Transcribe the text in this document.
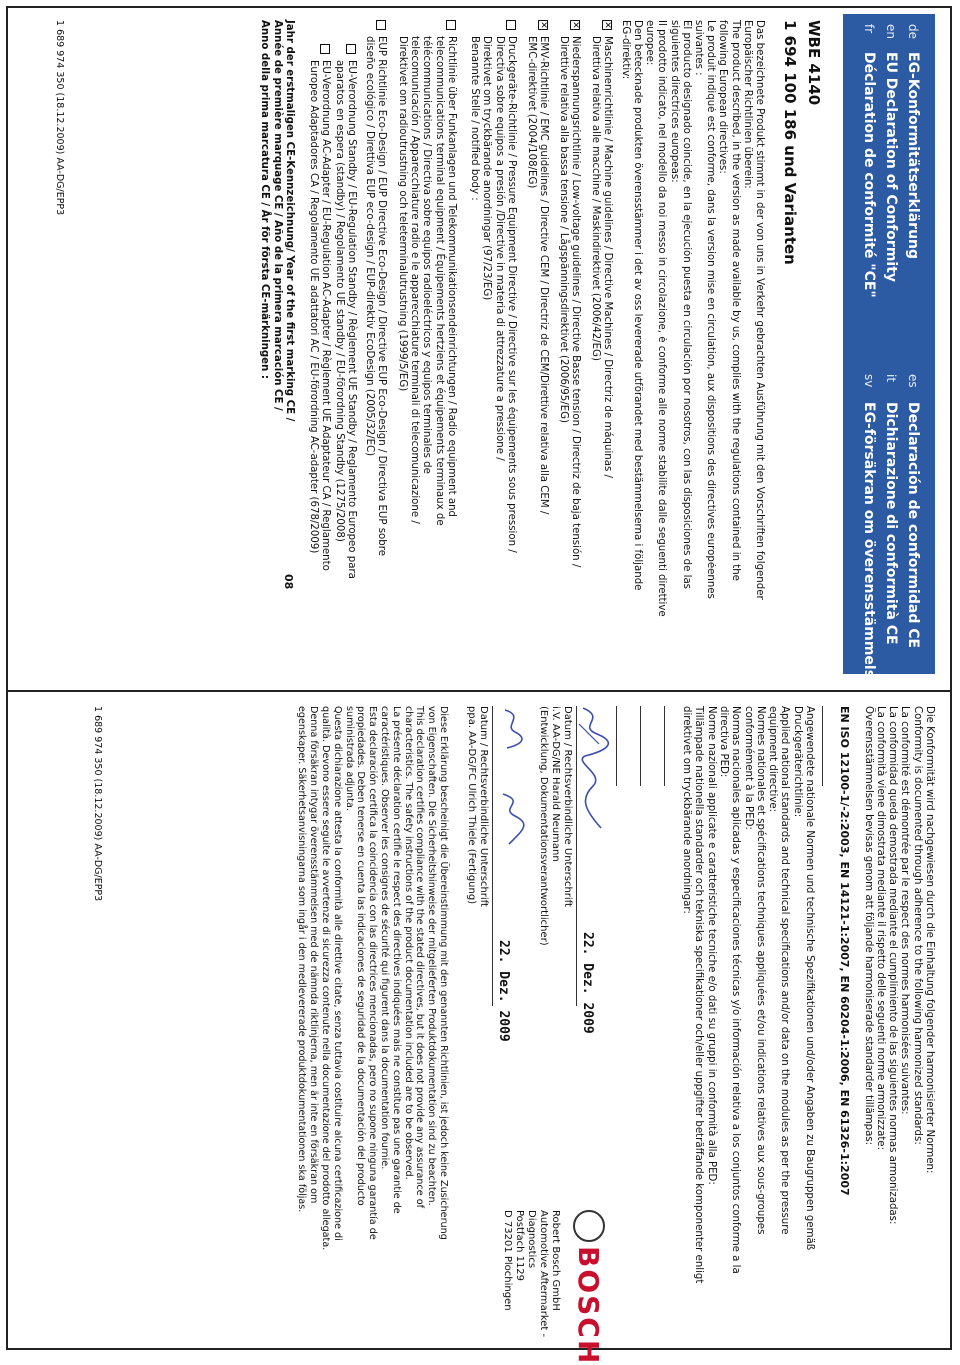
de
EG-Konformitätserklärung
en
EU Declaration of Conformity
fr
Déclaration de conformité "CE"
es
Declaración de conformidad CE
it
Dichiarazione di conformità CE
sv
EG-försäkran om överensstämmelse
WBE 4140
1 694 100 186 und Varianten
Das bezeichnete Produkt stimmt in der von uns in Verkehr gebrachten Ausführung mit den Vorschriften folgender
Europäischer Richtlinien überein:
The product described, in the version as made available by us, complies with the regulations contained in the
following European directives:
Le produit indiqué est conforme, dans la version mise en circulation, aux dispositions des directives européennes
suivantes :
El producto designado coincide, en la ejecución puesta en circulación por nosotros, con las disposiciones de las
siguientes directrices europeas:
Il prodotto indicato, nel modello da noi messo in circolazione, è conforme alle norme stabilite dalle seguenti direttive
europee:
Den betecknade produkten överensstämmer i det av oss levererade utförandet med bestämmelserna i följande
EG-direktiv:
✕
Maschinenrichtlinie / Machine guidelines / Directive Machines / Directriz de máquinas /
Direttiva relativa alle macchine / Maskindirektivet (2006/42/EG)
✕
Niederspannungsrichtlinie / Low-voltage guidelines / Directive Basse tension / Directriz de baja tensión /
Direttive relativa alla bassa tensione / Lågspänningsdirektivet (2006/95/EG)
✕
EMV-Richtlinie / EMC guidelines / Directive CEM / Directriz de CEM/Direttive relativa alla CEM /
EMC-direktivet (2004/108/EG)
Druckgeräte-Richtlinie / Pressure Equipment Directive / Directive sur les équipements sous pression /
Directiva sobre equipos a presión /Directive in materia di attrezzature a pressione /
Direktivet om tryckbärande anordningar (97/23/EG)
Benannte Stelle / notified body :
Richtlinie über Funkanlagen und Telekommunikationsendeinrichtungen / Radio equipment and
telecommunications terminal equipment / Équipements hertziens et équipements terminaux de
télécommunications / Directiva sobre equipos radioeléctricos y equipos terminales de
telecomunicación / Apparecchiature radio e le apparecchiature terminali di telecomunicazione /
Direktivet om radioutrustning och teleterminalutrustning (1999/5/EG)
EUP Richtlinie Eco-Design / EUP Directive Eco-Design / Directive EUP Eco-Design / Directiva EUP sobre
diseño ecológico / Direttiva EUP eco-design / EUP-direktiv EcoDesign (2005/32/EC)
EU-Verordnung Standby / EU-Regulation Standby / Règlement UE Standby / Reglamento Europeo para
aparatos en espera (standby) / Regolamento UE standby / EU-förordning Standby (1275/2008)
EU-Verordnung AC-Adapter / EU-Regulation AC-Adapter / Règlement UE Adaptateur CA / Reglamento
Europeo Adaptadores CA / Regolamento UE adattatori AC / EU-förordning AC-adapter (678/2009)
Jahr der erstmaligen CE-Kennzeichnung/ Year of the first marking CE /
Année de première marquage CE / Año de la primera marcación CE /
Anno della prima marcatura CE / År för första CE-märkningen :
08
1 689 974 350 (18.12.2009) AA-DG/EPP3
Die Konformität wird nachgewiesen durch die Einhaltung folgender harmonisierter Normen:
Conformity is documented through adherence to the following harmonized standards:
La conformité est démontrée par le respect des normes harmonisées suivantes:
La conformidad queda demostrada mediante el cumplimiento de las siguientes normas armonizadas:
La conformità viene dimostrata mediante il rispetto delle seguenti norme armonizzate:
Överensstämmelsen bevisas genom att följande harmoniserade standarder tillämpas:
EN ISO 12100-1/-2:2003, EN 14121-1:2007, EN 60204-1:2006, EN 61326-1:2007
Angewendete nationale Normen und technische Spezifikationen und/oder Angaben zu Baugruppen gemäß
Druckgeräterichtlinie:
Applied national standards and technical specifications and/or data on the modules as per the pressure
equipment directive:
Normes nationales et spécifications techniques appliquées et/ou indications relatives aux sous-groupes
conformément à la PED:
Normas nacionales aplicadas y especificaciones técnicas y/o información relativa a los conjuntos conforme a la
directiva PED:
Norme nazionali applicate e caratteristiche tecniche e/o dati su gruppi in conformità alla PED:
Tillämpade nationella standarder och tekniska specifikationer och/eller uppgifter beträffande komponenter enligt
direktivet om tryckbärande anordningar:
22. Dez. 2009
Datum / Rechtsverbindliche Unterschrift
i.V. AA-DG/NE Harald Neumann
(Entwicklung, Dokumentationsverantwortlicher)
22. Dez. 2009
Datum / Rechtsverbindliche Unterschrift
ppa. AA-DG/FC Ulrich Thiele (Fertigung)
BOSCH
Robert Bosch GmbH
Automotive Aftermarket -
Diagnostics
Postfach 1129
D 73201 Plochingen
Diese Erklärung bescheinigt die Übereinstimmung mit den genannten Richtlinien, ist jedoch keine Zusicherung
von Eigenschaften. Die Sicherheitshinweise der mitgelieferten Produktdokumentation sind zu beachten.
This declaration certifies compliance with the stated directives, but it does not provide any assurance of
characteristics. The safety instructions of the product documentation included are to be observed.
La présente déclaration certifie le respect des directives indiquées mais ne constitue pas une garantie de
caractéristiques. Observer les consignes de sécurité qui figurent dans la documentation fournie.
Esta declaración certifica la coincidencia con las directrices mencionadas, pero no supone ninguna garantía de
propiedades. Deben tenerse en cuenta las indicaciones de seguridad de la documentación del producto
suministrada adjunta.
Questa dichiarazione attesta la conformità alle direttive citate, senza tuttavia costituire alcuna certificazione di
qualità. Devono essere seguite le avvertenze di sicurezza contenute nella documentazione del prodotto allegata.
Denna försäkran intygar överensstämmelsen med de nämnda riktlinjerna, men är inte en försäkran om
egenskaper. Säkerhetsanvisningarna som ingår i den medlevererade produktdokumentationen ska följas.
1 689 974 350 (18.12.2009) AA-DG/EPP3
